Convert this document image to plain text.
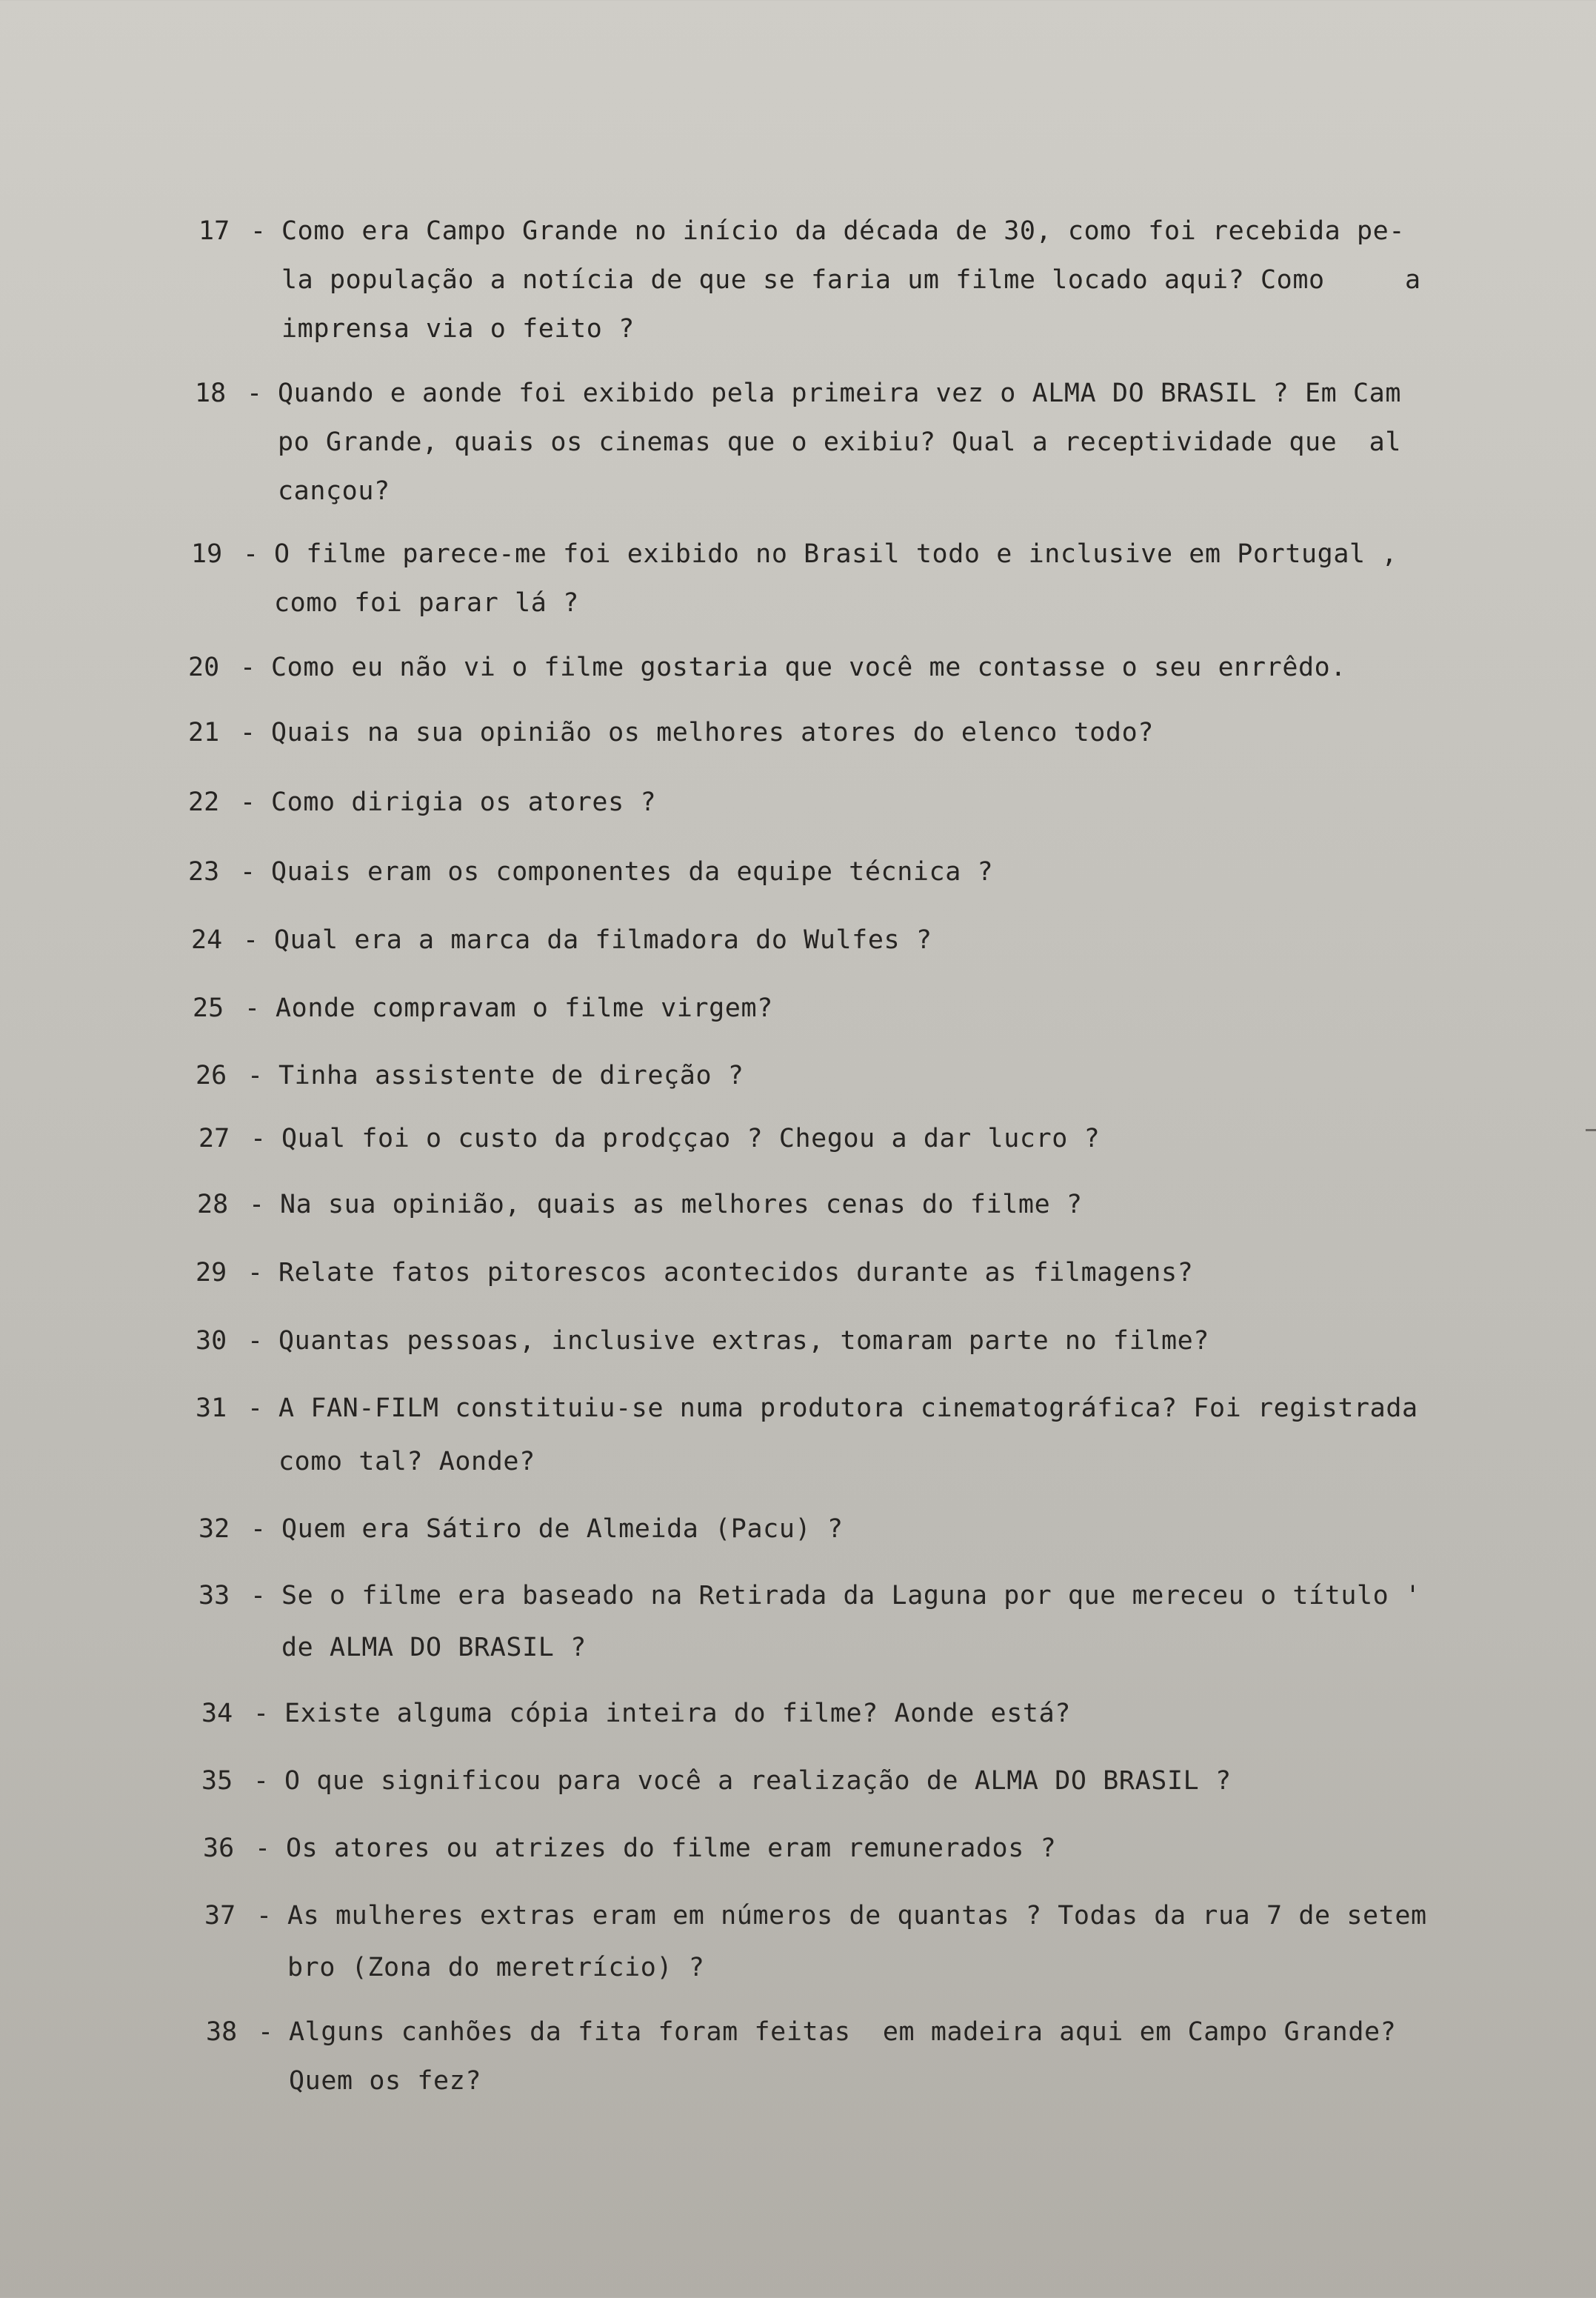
17 - Como era Campo Grande no início da década de 30, como foi recebida pe-
la população a notícia de que se faria um filme locado aqui? Como     a
imprensa via o feito ?
18 - Quando e aonde foi exibido pela primeira vez o ALMA DO BRASIL ? Em Cam
po Grande, quais os cinemas que o exibiu? Qual a receptividade que  al
cançou?
19 - O filme parece-me foi exibido no Brasil todo e inclusive em Portugal ,
como foi parar lá ?
20 - Como eu não vi o filme gostaria que você me contasse o seu enrrêdo.
21 - Quais na sua opinião os melhores atores do elenco todo?
22 - Como dirigia os atores ?
23 - Quais eram os componentes da equipe técnica ?
24 - Qual era a marca da filmadora do Wulfes ?
25 - Aonde compravam o filme virgem?
26 - Tinha assistente de direção ?
27 - Qual foi o custo da prodççao ? Chegou a dar lucro ?
28 - Na sua opinião, quais as melhores cenas do filme ?
29 - Relate fatos pitorescos acontecidos durante as filmagens?
30 - Quantas pessoas, inclusive extras, tomaram parte no filme?
31 - A FAN-FILM constituiu-se numa produtora cinematográfica? Foi registrada
como tal? Aonde?
32 - Quem era Sátiro de Almeida (Pacu) ?
33 - Se o filme era baseado na Retirada da Laguna por que mereceu o título '
de ALMA DO BRASIL ?
34 - Existe alguma cópia inteira do filme? Aonde está?
35 - O que significou para você a realização de ALMA DO BRASIL ?
36 - Os atores ou atrizes do filme eram remunerados ?
37 - As mulheres extras eram em números de quantas ? Todas da rua 7 de setem
bro (Zona do meretrício) ?
38 - Alguns canhões da fita foram feitas  em madeira aqui em Campo Grande?
Quem os fez?
